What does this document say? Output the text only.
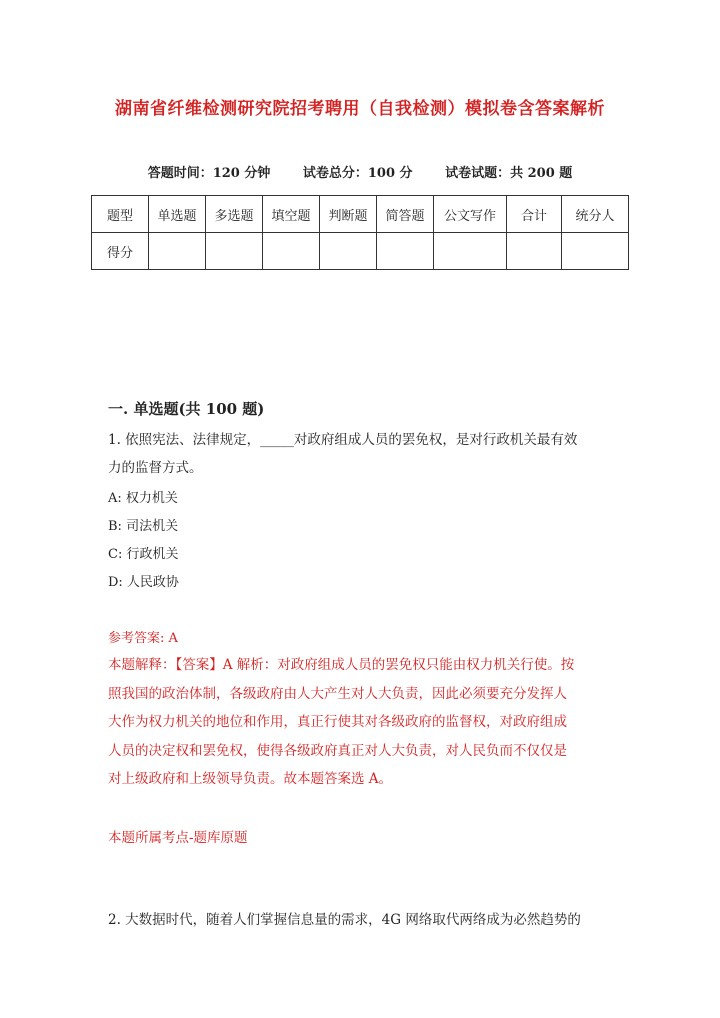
湖南省纤维检测研究院招考聘用（自我检测）模拟卷含答案解析
答题时间：120 分钟	试卷总分：100 分	试卷试题：共 200 题
题型	单选题	多选题	填空题	判断题	简答题	公文写作	合计	统分人
得分								
一. 单选题(共 100 题)
1. 依照宪法、法律规定，_____对政府组成人员的罢免权，是对行政机关最有效
力的监督方式。
A: 权力机关
B: 司法机关
C: 行政机关
D: 人民政协
参考答案: A
本题解释：【答案】A 解析：对政府组成人员的罢免权只能由权力机关行使。按
照我国的政治体制，各级政府由人大产生对人大负责，因此必须要充分发挥人
大作为权力机关的地位和作用，真正行使其对各级政府的监督权，对政府组成
人员的决定权和罢免权，使得各级政府真正对人大负责，对人民负而不仅仅是
对上级政府和上级领导负责。故本题答案选 A。
本题所属考点-题库原题
2. 大数据时代，随着人们掌握信息量的需求，4G 网络取代两络成为必然趋势的
